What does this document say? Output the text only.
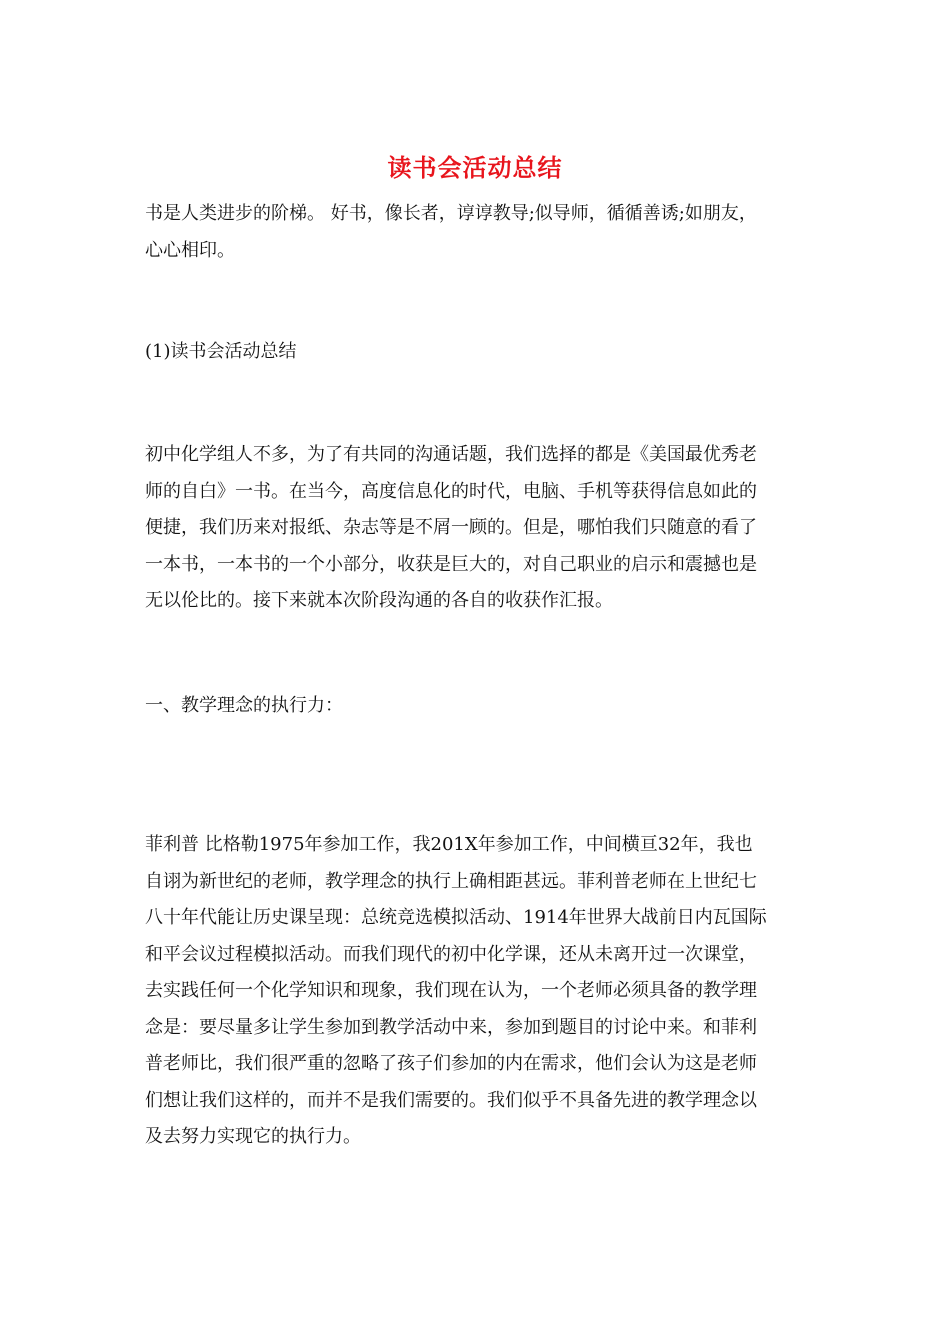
读书会活动总结
书是人类进步的阶梯。 好书，像长者，谆谆教导;似导师，循循善诱;如朋友，
心心相印。
(1)读书会活动总结
初中化学组人不多，为了有共同的沟通话题，我们选择的都是《美国最优秀老
师的自白》一书。在当今，高度信息化的时代，电脑、手机等获得信息如此的
便捷，我们历来对报纸、杂志等是不屑一顾的。但是，哪怕我们只随意的看了
一本书，一本书的一个小部分，收获是巨大的，对自己职业的启示和震撼也是
无以伦比的。接下来就本次阶段沟通的各自的收获作汇报。
一、教学理念的执行力：
菲利普 比格勒1975年参加工作，我201X年参加工作，中间横亘32年，我也
自诩为新世纪的老师，教学理念的执行上确相距甚远。菲利普老师在上世纪七
八十年代能让历史课呈现：总统竞选模拟活动、1914年世界大战前日内瓦国际
和平会议过程模拟活动。而我们现代的初中化学课，还从未离开过一次课堂，
去实践任何一个化学知识和现象，我们现在认为，一个老师必须具备的教学理
念是：要尽量多让学生参加到教学活动中来，参加到题目的讨论中来。和菲利
普老师比，我们很严重的忽略了孩子们参加的内在需求，他们会认为这是老师
们想让我们这样的，而并不是我们需要的。我们似乎不具备先进的教学理念以
及去努力实现它的执行力。
